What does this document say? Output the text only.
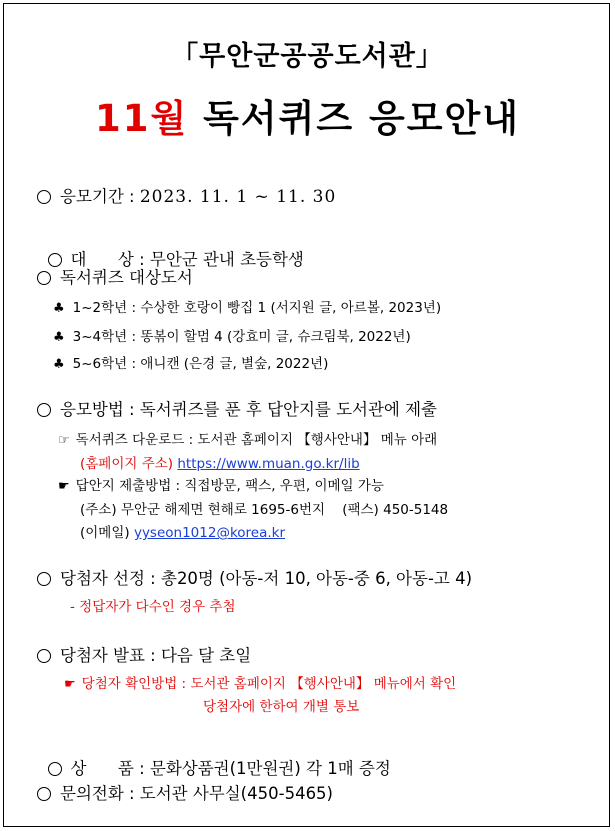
「무안군공공도서관」
11월 독서퀴즈 응모안내
응모기간 : 2023. 11. 1 ~ 11. 30

대      상 : 무안군 관내 초등학생

독서퀴즈 대상도서
♣ 1~2학년 : 수상한 호랑이 빵집 1 (서지원 글, 아르볼, 2023년)
♣ 3~4학년 : 똥볶이 할멈 4 (강효미 글, 슈크림북, 2022년)
♣ 5~6학년 : 애니캔 (은경 글, 별숲, 2022년)
응모방법 : 독서퀴즈를 푼 후 답안지를 도서관에 제출
☞ 독서퀴즈 다운로드 : 도서관 홈페이지 【행사안내】 메뉴 아래
(홈페이지 주소) https://www.muan.go.kr/lib
☛ 답안지 제출방법 : 직접방문, 팩스, 우편, 이메일 가능
(주소) 무안군 해제면 현해로 1695-6번지    (팩스) 450-5148
(이메일) yyseon1012@korea.kr
당첨자 선정 : 총20명 (아동-저 10, 아동-중 6, 아동-고 4)
- 정답자가 다수인 경우 추첨
당첨자 발표 : 다음 달 초일
☛ 당첨자 확인방법 : 도서관 홈페이지 【행사안내】 메뉴에서 확인
당첨자에 한하여 개별 통보

상      품 : 문화상품권(1만원권) 각 1매 증정

문의전화 : 도서관 사무실(450-5465)
